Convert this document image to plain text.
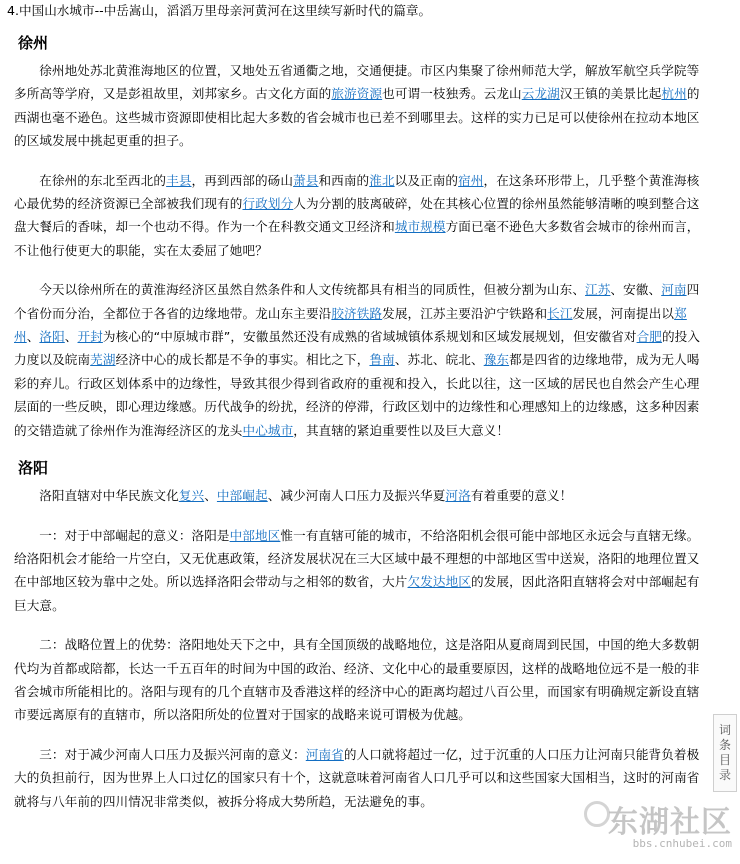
4.中国山水城市--中岳嵩山，滔滔万里母亲河黄河在这里续写新时代的篇章。
徐州

徐州地处苏北黄淮海地区的位置，又地处五省通衢之地，交通便捷。市区内集聚了徐州师范大学，解放军航空兵学院等多所高等学府，又是彭祖故里，刘邦家乡。古文化方面的旅游资源也可谓一枝独秀。云龙山云龙湖汉王镇的美景比起杭州的西湖也毫不逊色。这些城市资源即使相比起大多数的省会城市也已差不到哪里去。这样的实力已足可以使徐州在拉动本地区的区域发展中挑起更重的担子。

在徐州的东北至西北的丰县，再到西部的砀山萧县和西南的淮北以及正南的宿州，在这条环形带上，几乎整个黄淮海核心最优势的经济资源已全部被我们现有的行政划分人为分割的肢离破碎，处在其核心位置的徐州虽然能够清晰的嗅到整合这盘大餐后的香味，却一个也动不得。作为一个在科教交通文卫经济和城市规模方面已毫不逊色大多数省会城市的徐州而言，不让他行使更大的职能，实在太委屈了她吧？

今天以徐州所在的黄淮海经济区虽然自然条件和人文传统都具有相当的同质性，但被分割为山东、江苏、安徽、河南四个省份而分治，全都位于各省的边缘地带。龙山东主要沿胶济铁路发展，江苏主要沿沪宁铁路和长江发展，河南提出以郑州、洛阳、开封为核心的“中原城市群”，安徽虽然还没有成熟的省域城镇体系规划和区域发展规划，但安徽省对合肥的投入力度以及皖南芜湖经济中心的成长都是不争的事实。相比之下，鲁南、苏北、皖北、豫东都是四省的边缘地带，成为无人喝彩的弃儿。行政区划体系中的边缘性，导致其很少得到省政府的重视和投入，长此以往，这一区域的居民也自然会产生心理层面的一些反映，即心理边缘感。历代战争的纷扰，经济的停滞，行政区划中的边缘性和心理感知上的边缘感，这多种因素的交错造就了徐州作为淮海经济区的龙头中心城市，其直辖的紧迫重要性以及巨大意义！

洛阳

洛阳直辖对中华民族文化复兴、中部崛起、减少河南人口压力及振兴华夏河洛有着重要的意义！

一：对于中部崛起的意义：洛阳是中部地区惟一有直辖可能的城市，不给洛阳机会很可能中部地区永远会与直辖无缘。给洛阳机会才能给一片空白，又无优惠政策，经济发展状况在三大区域中最不理想的中部地区雪中送炭，洛阳的地理位置又在中部地区较为靠中之处。所以选择洛阳会带动与之相邻的数省，大片欠发达地区的发展，因此洛阳直辖将会对中部崛起有巨大意。

二：战略位置上的优势：洛阳地处天下之中，具有全国顶级的战略地位，这是洛阳从夏商周到民国，中国的绝大多数朝代均为首都或陪都，长达一千五百年的时间为中国的政治、经济、文化中心的最重要原因，这样的战略地位远不是一般的非省会城市所能相比的。洛阳与现有的几个直辖市及香港这样的经济中心的距离均超过八百公里，而国家有明确规定新设直辖市要远离原有的直辖市，所以洛阳所处的位置对于国家的战略来说可谓极为优越。

三：对于减少河南人口压力及振兴河南的意义：河南省的人口就将超过一亿，过于沉重的人口压力让河南只能背负着极大的负担前行，因为世界上人口过亿的国家只有十个，这就意味着河南省人口几乎可以和这些国家大国相当，这时的河南省就将与八年前的四川情况非常类似，被拆分将成大势所趋，无法避免的事。

词
条
目
录
东湖社区
bbs.cnhubei.com
